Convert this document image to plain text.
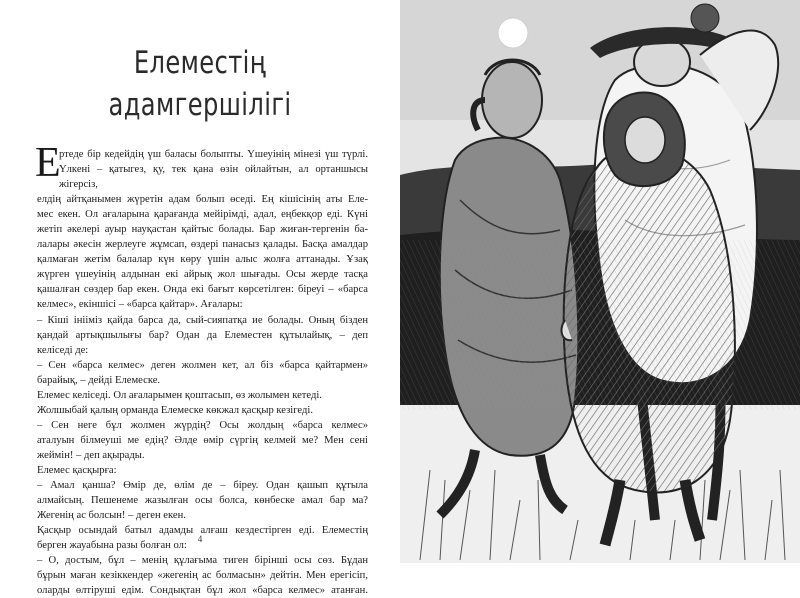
Елеместің
адамгершілігі
Е
ртеде бір кедейдің үш баласы болыпты. Үшеуінің мінезі үш түрлі.
Үлкені – қатыгез, қу, тек қана өзін ойлайтын, ал ортаншысы жігерсіз,
елдің айтқанымен жүретін адам болып өседі. Ең кішісінің аты Еле-
мес екен. Ол ағаларына қарағанда мейірімді, адал, еңбекқор еді. Күні
жетіп әкелері ауыр науқастан қайтыс болады. Бар жиған-тергенін ба-
лалары әкесін жерлеуге жұмсап, өздері панасыз қалады. Басқа амалдар
қалмаған жетім балалар күн көру үшін алыс жолға аттанады. Ұзақ
жүрген үшеуінің алдынан екі айрық жол шығады. Осы жерде тасқа
қашалған сөздер бар екен. Онда екі бағыт көрсетілген: біреуі – «барса
келмес», екіншісі – «барса қайтар». Ағалары:
– Кіші інііміз қайда барса да, сый-сияпатқа ие болады. Оның бізден
қандай артықшылығы бар? Одан да Елеместен құтылайық, – деп
келіседі де:
– Сен «барса келмес» деген жолмен кет, ал біз «барса қайтармен»
барайық, – дейді Елемеске.
Елемес келіседі. Ол ағаларымен қоштасып, өз жолымен кетеді.
Жолшыбай қалың орманда Елемеске көкжал қасқыр кезігеді.
– Сен неге бұл жолмен жүрдің? Осы жолдың «барса келмес»
аталуын білмеуші ме едің? Әлде өмір сүргің келмей ме? Мен сені
жеймін! – деп ақырады.
Елемес қасқырға:
– Амал қанша? Өмір де, өлім де – біреу. Одан қашып құтыла
алмайсың. Пешенеме жазылған осы болса, көнбеске амал бар ма?
Жегенің ас болсын! – деген екен.
Қасқыр осындай батыл адамды алғаш кездестірген еді. Елеместің
берген жауабына разы болған ол:
– О, достым, бұл – менің құлағыма тиген бірінші осы сөз. Бұдан
бұрын маған кезіккендер «жегенің ас болмасын» дейтін. Мен ерегісіп,
оларды өлтіруші едім. Сондықтан бұл жол «барса келмес» атанған.
4
